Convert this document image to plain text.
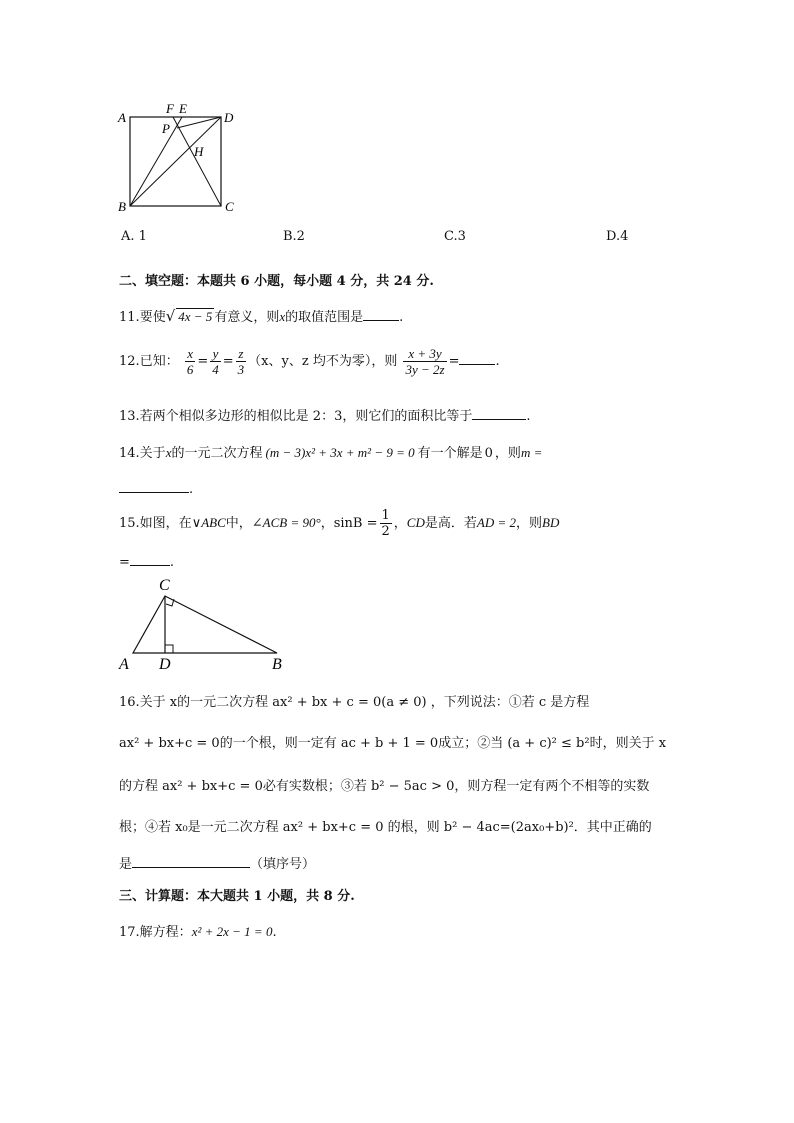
A
B	C
D
F E
P
H
A. 1	B.2	C.3	D.4
二、填空题：本题共 6 小题，每小题 4 分，共 24 分.
11.要使√ 4x − 5 有意义，则x的取值范围是	.
12.已知： $\frac{x}{6} = \frac{y}{4} = \frac{z}{3} (x$、y、z 均不为零），则 $\frac{x + 3y}{3y - 2z}$ =	.
13.若两个相似多边形的相似比是 2：3，则它们的面积比等于	.
14.关于x的一元二次方程 (m − 3)x² + 3x + m² − 9 = 0 有一个解是 0 ，则m =
.
15.如图，在∨ABC中，∠ACB = 90°，$\sin B = \frac{1}{2}$ ，CD是高．若AD = 2，则BD
=	.
C
A D	B
16.关于 x的一元二次方程 ax² + bx + c = 0(a ≠ 0) ，下列说法：①若 c 是方程
ax² + bx+c = 0的一个根，则一定有 ac + b + 1 = 0成立；②当 (a + c)² ≤ b²时，则关于 x
的方程 ax² + bx+c = 0必有实数根；③若 b² − 5ac > 0，则方程一定有两个不相等的实数
根；④若 x₀是一元二次方程 ax² + bx+c = 0 的根，则 b² − 4ac=(2ax₀+b)²．其中正确的
是	（填序号）
三、计算题：本大题共 1 小题，共 8 分.
17.解方程：x² + 2x − 1 = 0.
